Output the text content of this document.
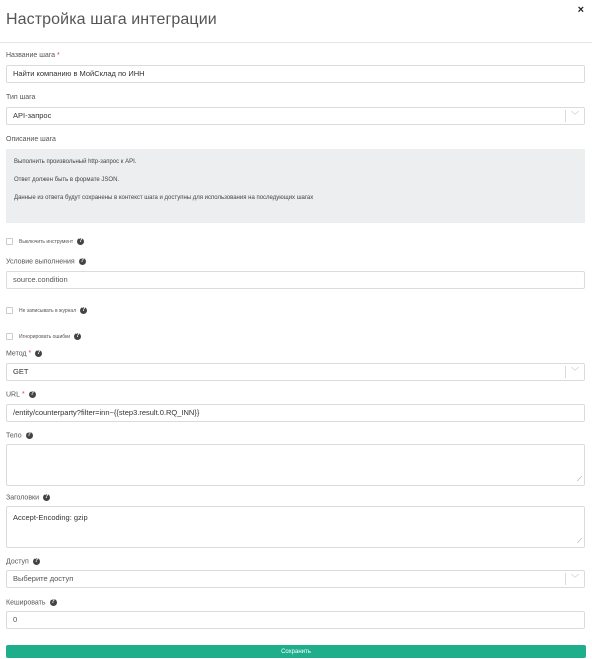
Настройка шага интеграции
×
Название шага *
Найти компанию в МойСклад по ИНН
Тип шага
API-запрос	﹀
Описание шага

Выполнить произвольный http-запрос к API.

Ответ должен быть в формате JSON.

Данные из ответа будут сохранены в контекст шага и доступны для использования на последующих шагах

Выключить инструмент ?
Условие выполнения ?
source.condition
Не записывать в журнал ?
Игнорировать ошибки ?
Метод * ?
GET	﹀
URL * ?
/entity/counterparty?filter=inn~{{step3.result.0.RQ_INN}}
Тело ?
⟋
Заголовки ?
Accept-Encoding: gzip
⟋
Доступ ?
Выберите доступ	﹀
Кешировать ?
0
Сохранить
